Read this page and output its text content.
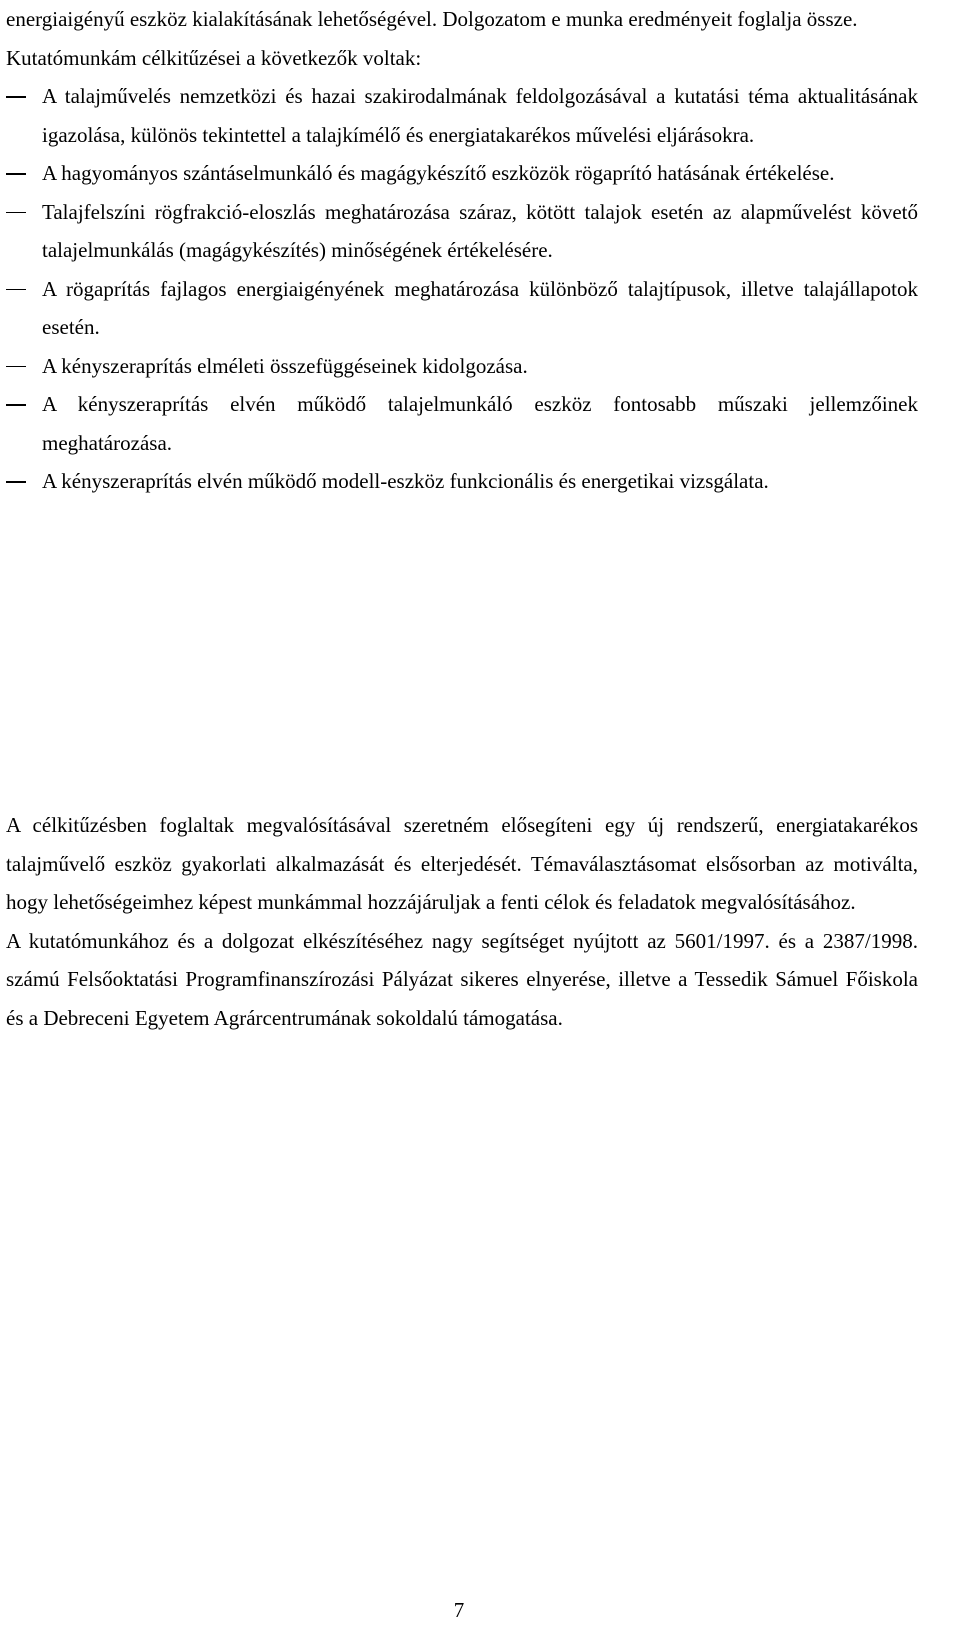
energiaigényű eszköz kialakításának lehetőségével. Dolgozatom e munka eredményeit foglalja össze.

Kutatómunkám célkitűzései a következők voltak:

A talajművelés nemzetközi és hazai szakirodalmának feldolgozásával a kutatási téma aktualitásának igazolása, különös tekintettel a talajkímélő és energiatakarékos művelési eljárásokra.
A hagyományos szántáselmunkáló és magágykészítő eszközök rögaprító hatásának értékelése.
Talajfelszíni rögfrakció-eloszlás meghatározása száraz, kötött talajok esetén az alapművelést követő talajelmunkálás (magágykészítés) minőségének értékelésére.
A rögaprítás fajlagos energiaigényének meghatározása különböző talajtípusok, illetve talajállapotok esetén.
A kényszeraprítás elméleti összefüggéseinek kidolgozása.
A kényszeraprítás elvén működő talajelmunkáló eszköz fontosabb műszaki jellemzőinek meghatározása.
A kényszeraprítás elvén működő modell-eszköz funkcionális és energetikai vizsgálata.

A célkitűzésben foglaltak megvalósításával szeretném elősegíteni egy új rendszerű, energiatakarékos talajművelő eszköz gyakorlati alkalmazását és elterjedését. Témaválasztásomat elsősorban az motiválta, hogy lehetőségeimhez képest munkámmal hozzájáruljak a fenti célok és feladatok megvalósításához.

A kutatómunkához és a dolgozat elkészítéséhez nagy segítséget nyújtott az 5601/1997. és a 2387/1998. számú Felsőoktatási Programfinanszírozási Pályázat sikeres elnyerése, illetve a Tessedik Sámuel Főiskola és a Debreceni Egyetem Agrárcentrumának sokoldalú támogatása.

7
